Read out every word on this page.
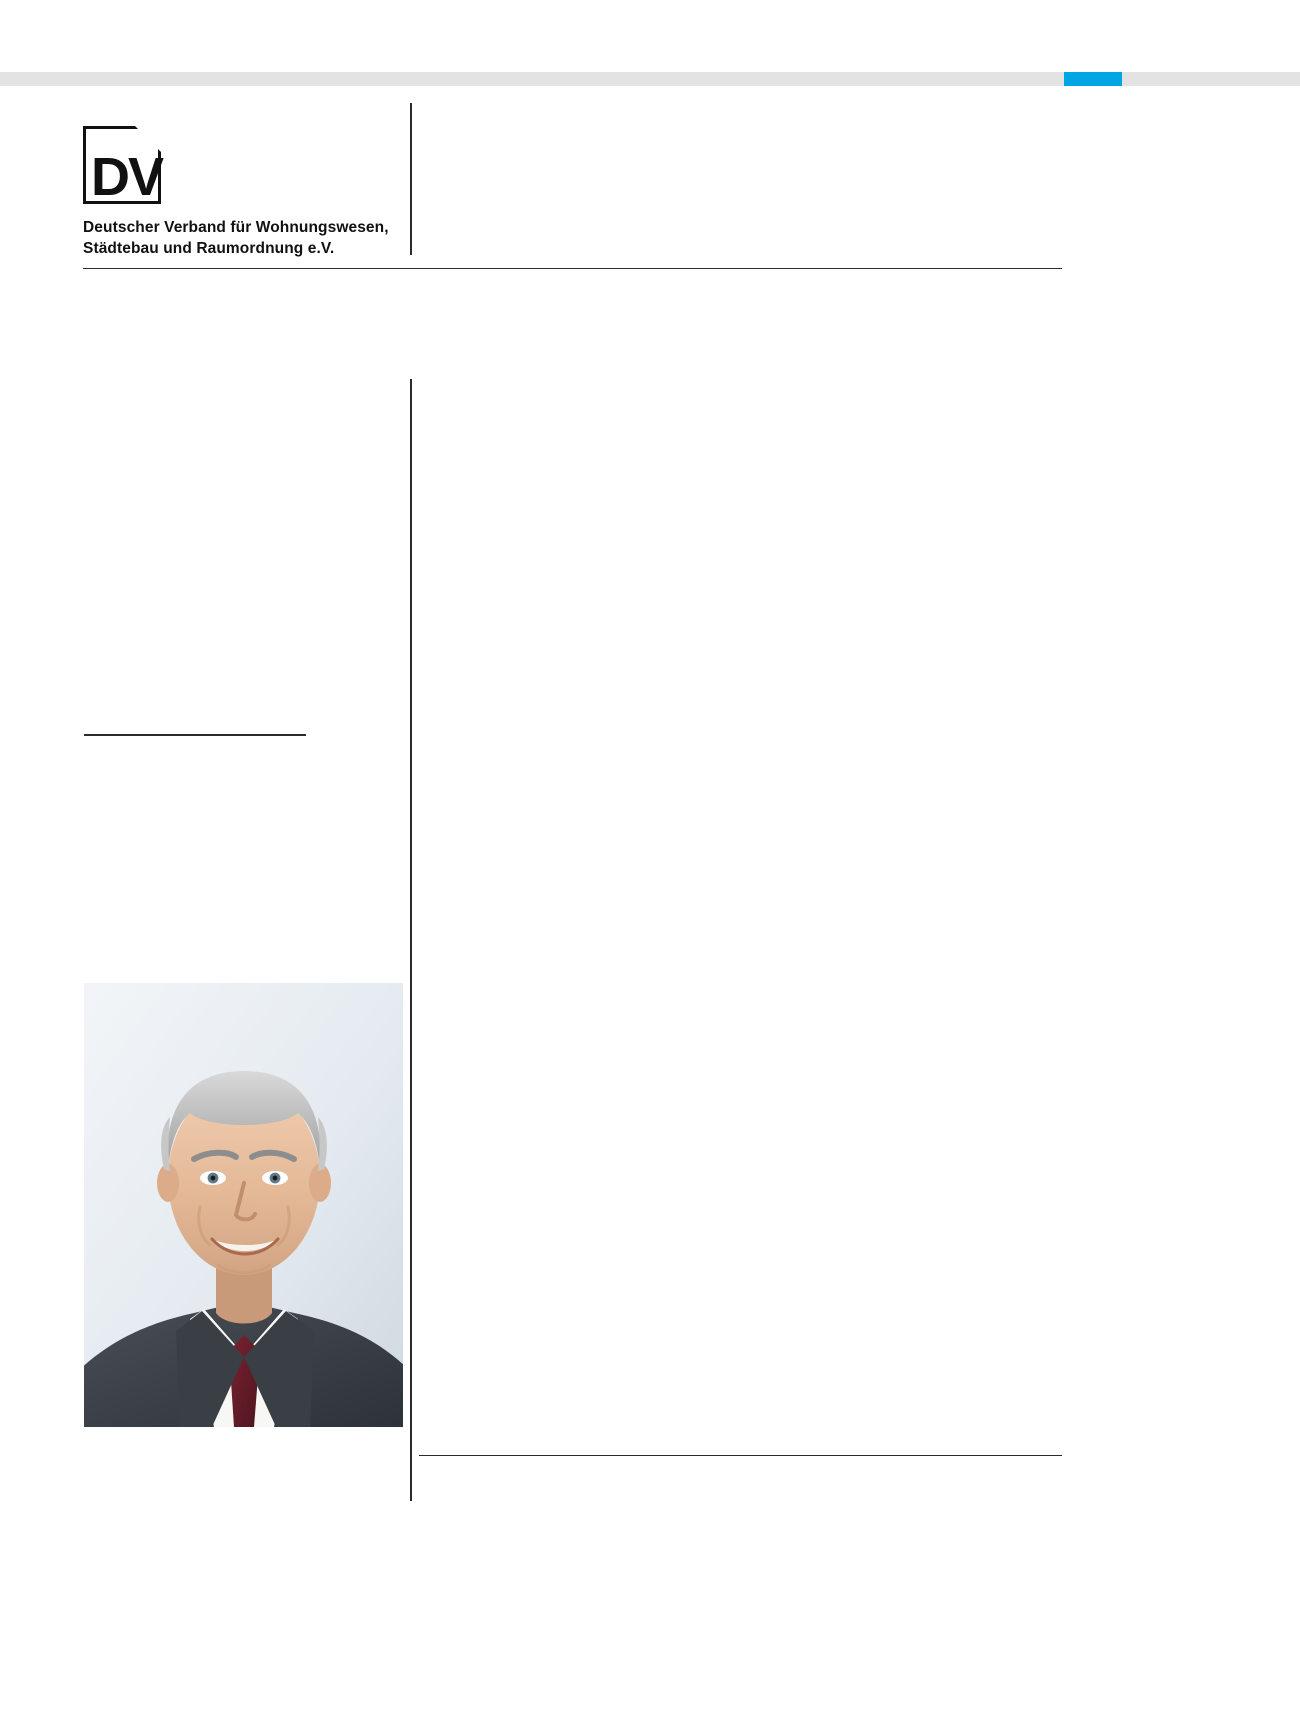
DV
Deutscher Verband für Wohnungswesen,
Städtebau und Raumordnung e.V.
